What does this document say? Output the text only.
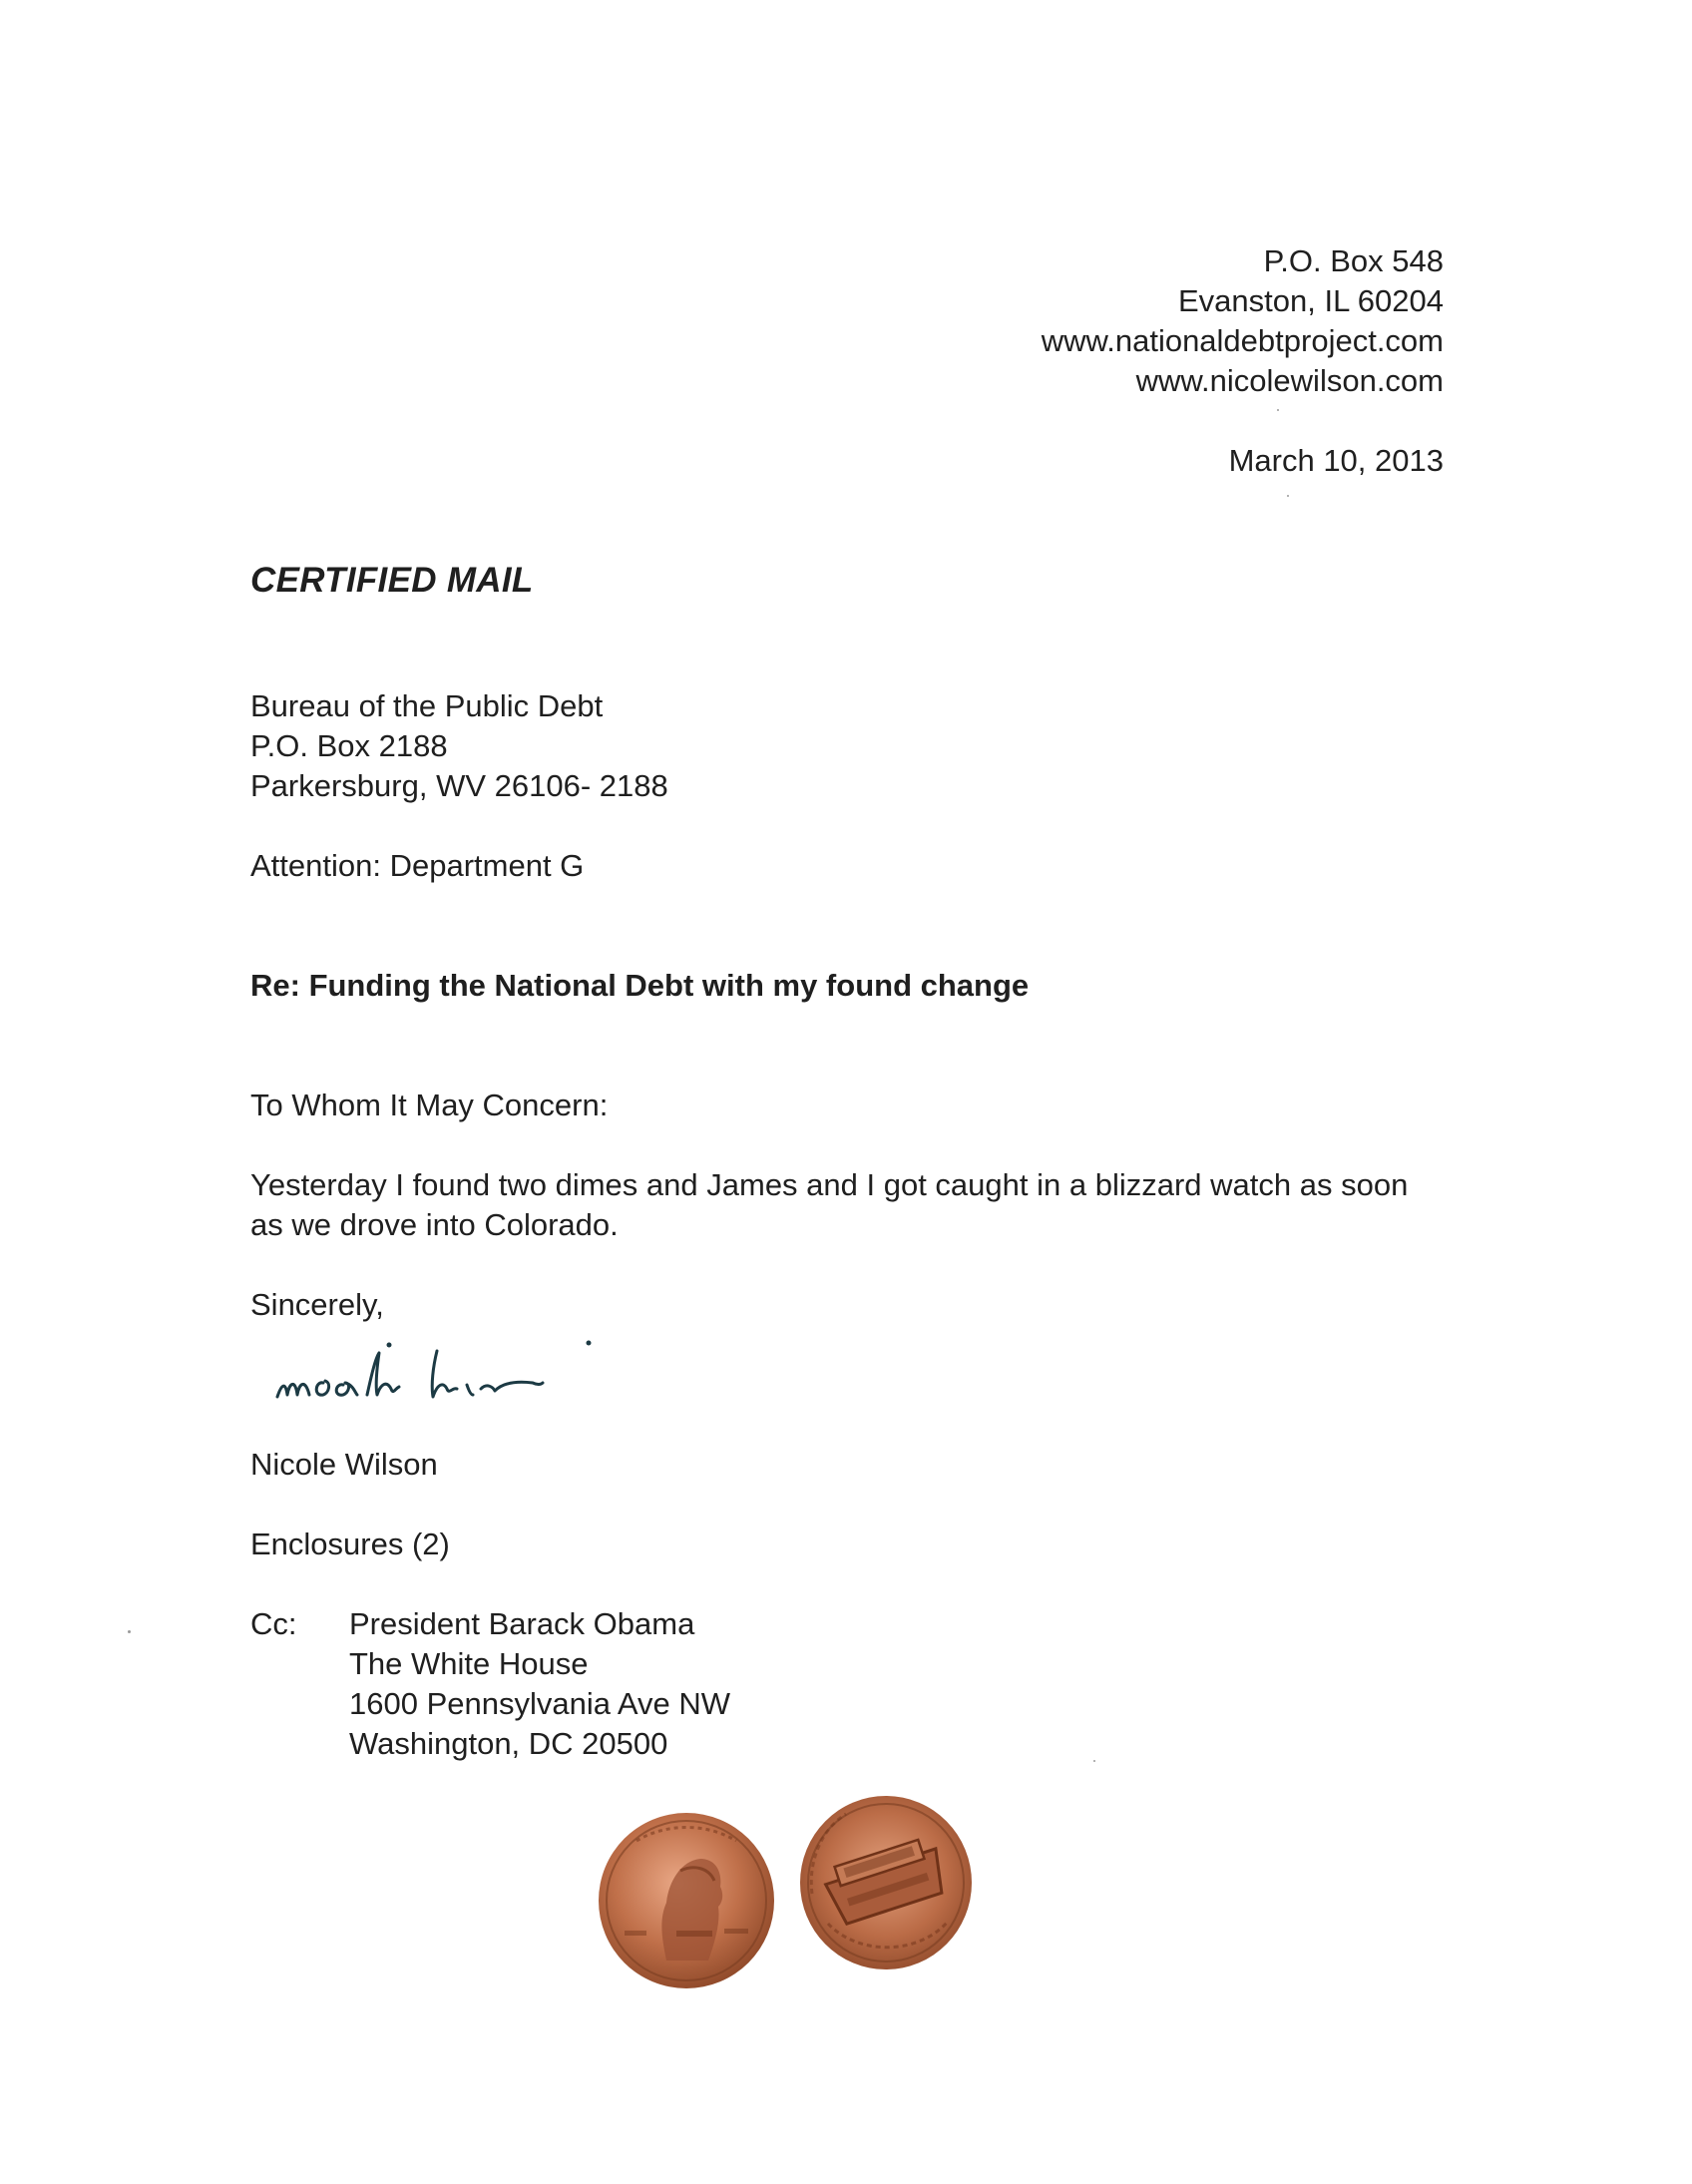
P.O. Box 548
Evanston, IL 60204
www.nationaldebtproject.com
www.nicolewilson.com
March 10, 2013
CERTIFIED MAIL
Bureau of the Public Debt
P.O. Box 2188
Parkersburg, WV 26106- 2188
Attention: Department G
Re: Funding the National Debt with my found change
To Whom It May Concern:
Yesterday I found two dimes and James and I got caught in a blizzard watch as soon as we drove into Colorado.
Sincerely,
Nicole Wilson
Enclosures (2)
Cc: President Barack Obama
The White House
1600 Pennsylvania Ave NW
Washington, DC 20500
